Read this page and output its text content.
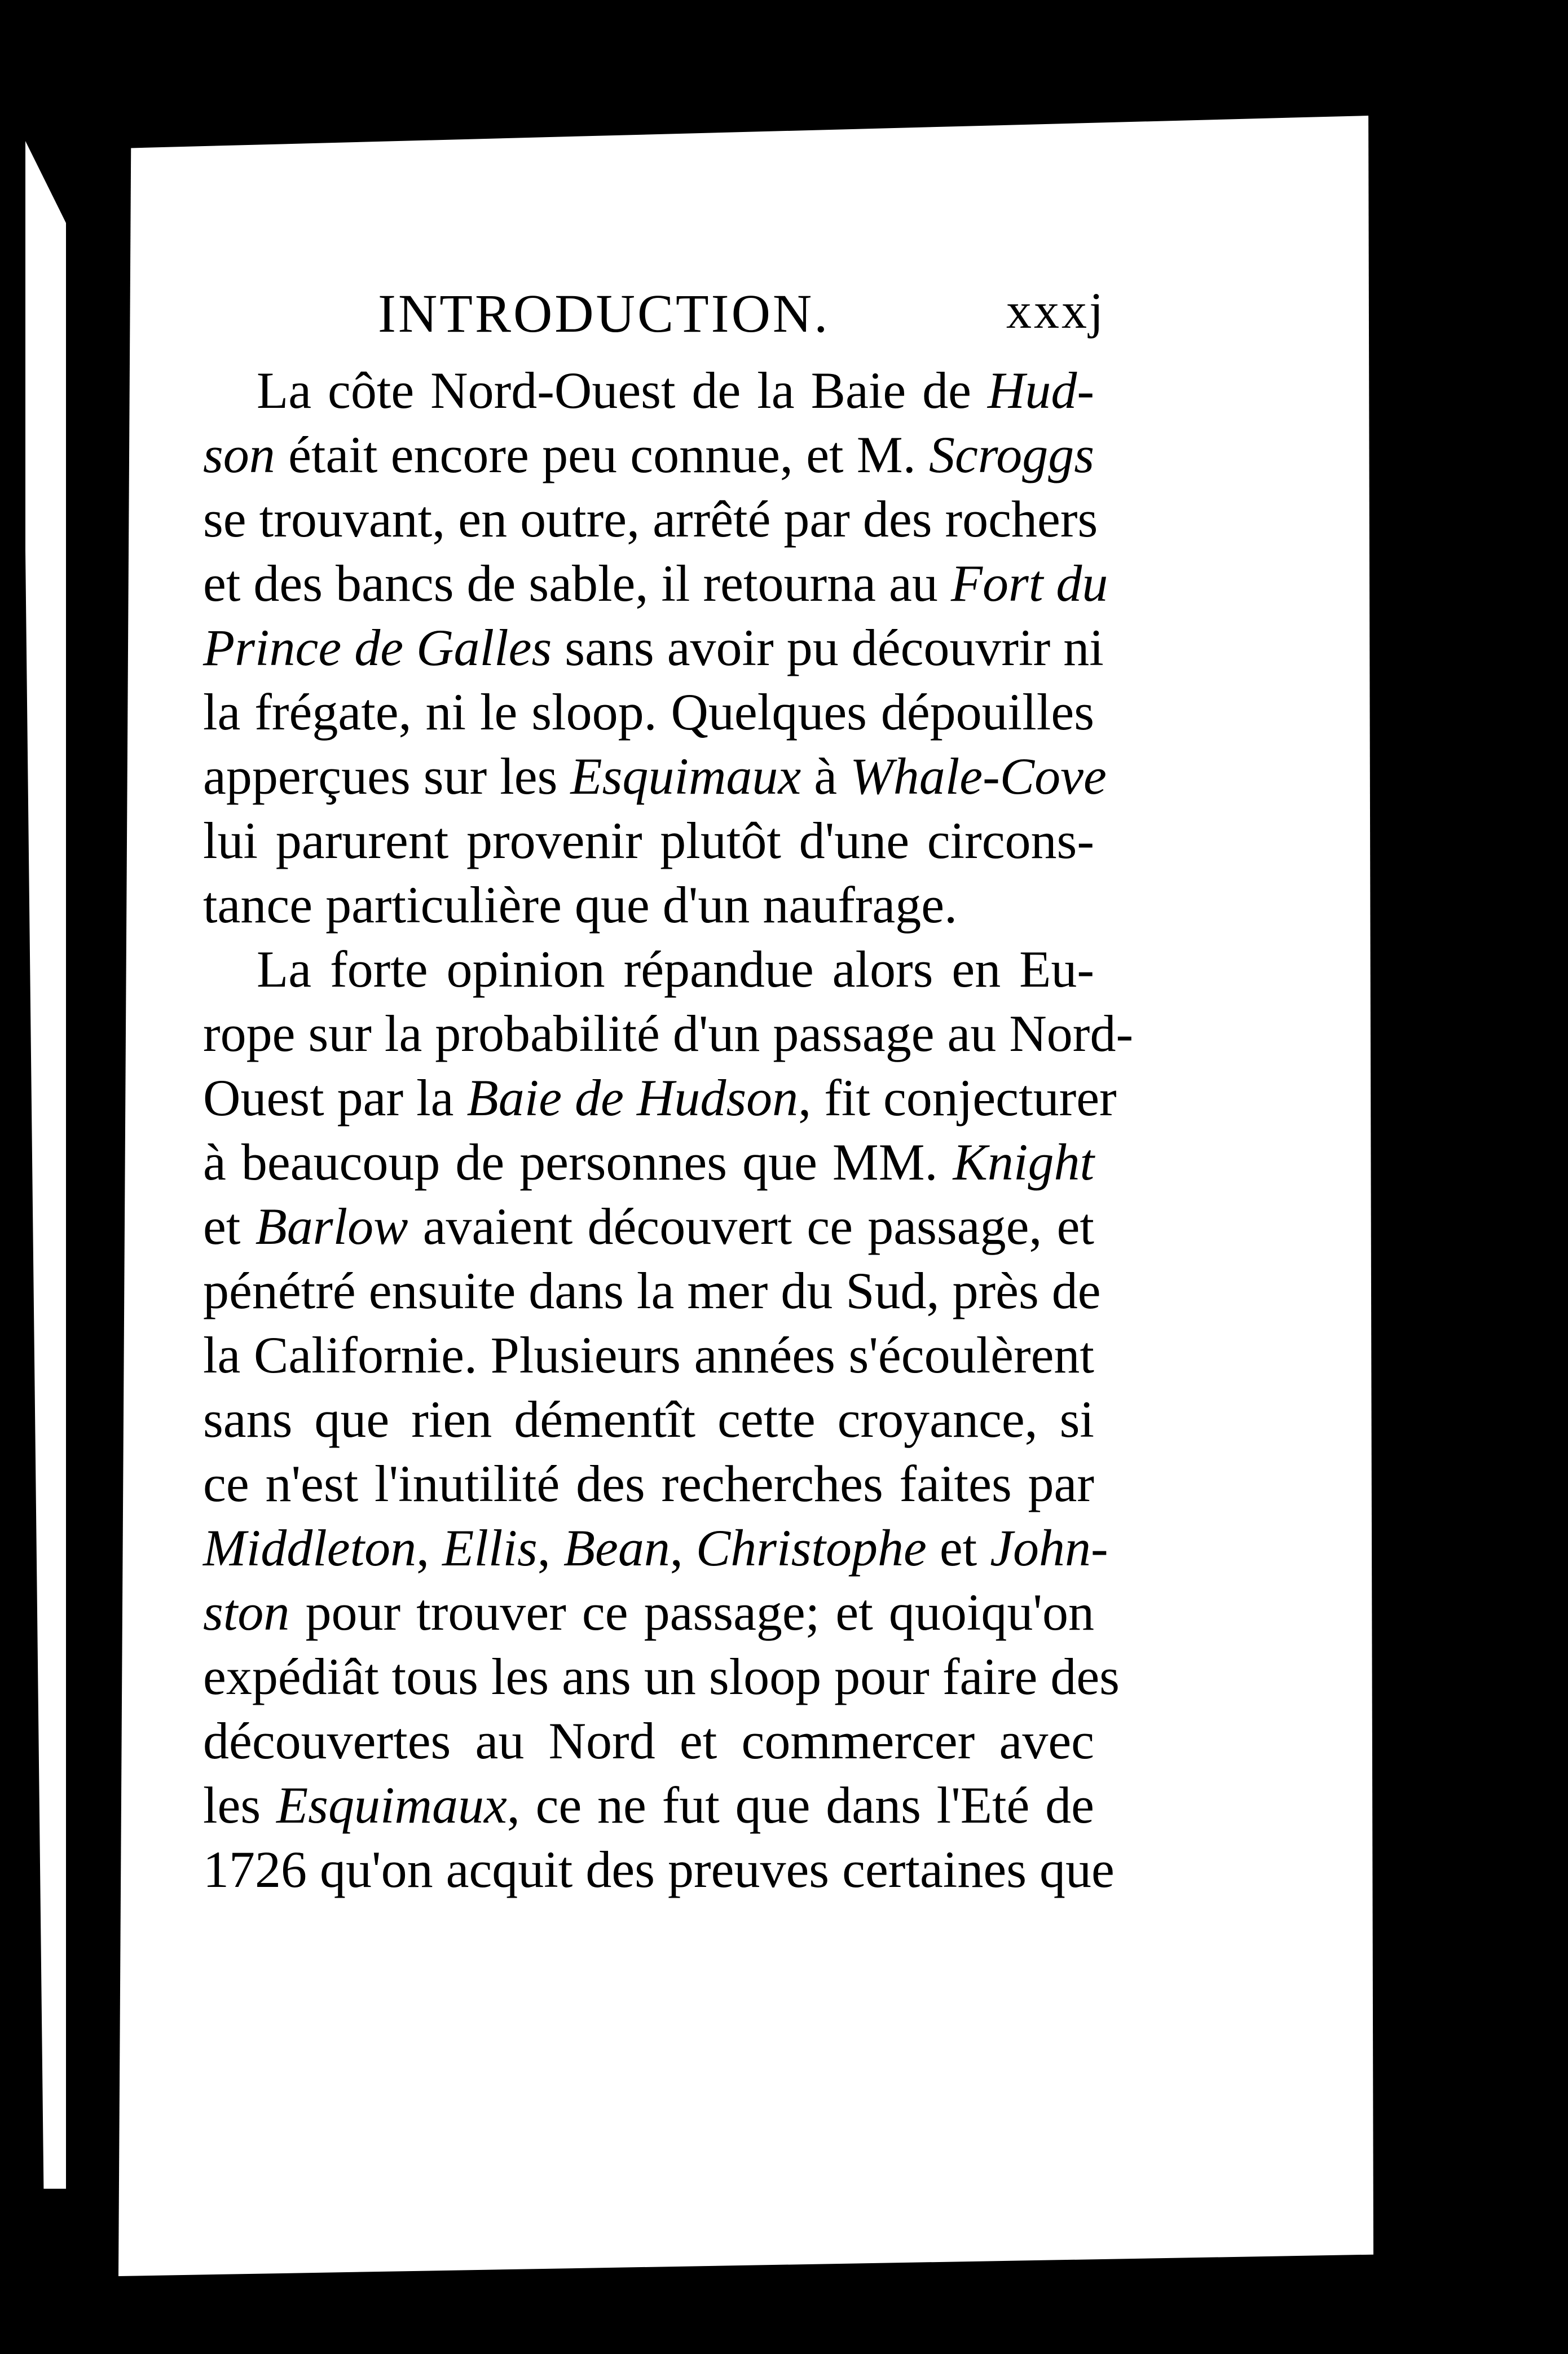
INTRODUCTION.	xxxj
La côte Nord-Ouest de la Baie de Hud-
son était encore peu connue, et M. Scroggs
se trouvant, en outre, arrêté par des rochers
et des bancs de sable, il retourna au Fort du
Prince de Galles sans avoir pu découvrir ni
la frégate, ni le sloop. Quelques dépouilles
apperçues sur les Esquimaux à Whale-Cove
lui parurent provenir plutôt d'une circons-
tance particulière que d'un naufrage.
La forte opinion répandue alors en Eu-
rope sur la probabilité d'un passage au Nord-
Ouest par la Baie de Hudson, fit conjecturer
à beaucoup de personnes que MM. Knight
et Barlow avaient découvert ce passage, et
pénétré ensuite dans la mer du Sud, près de
la Californie. Plusieurs années s'écoulèrent
sans que rien démentît cette croyance, si
ce n'est l'inutilité des recherches faites par
Middleton, Ellis, Bean, Christophe et John-
ston pour trouver ce passage; et quoiqu'on
expédiât tous les ans un sloop pour faire des
découvertes au Nord et commercer avec
les Esquimaux, ce ne fut que dans l'Eté de
1726 qu'on acquit des preuves certaines que
